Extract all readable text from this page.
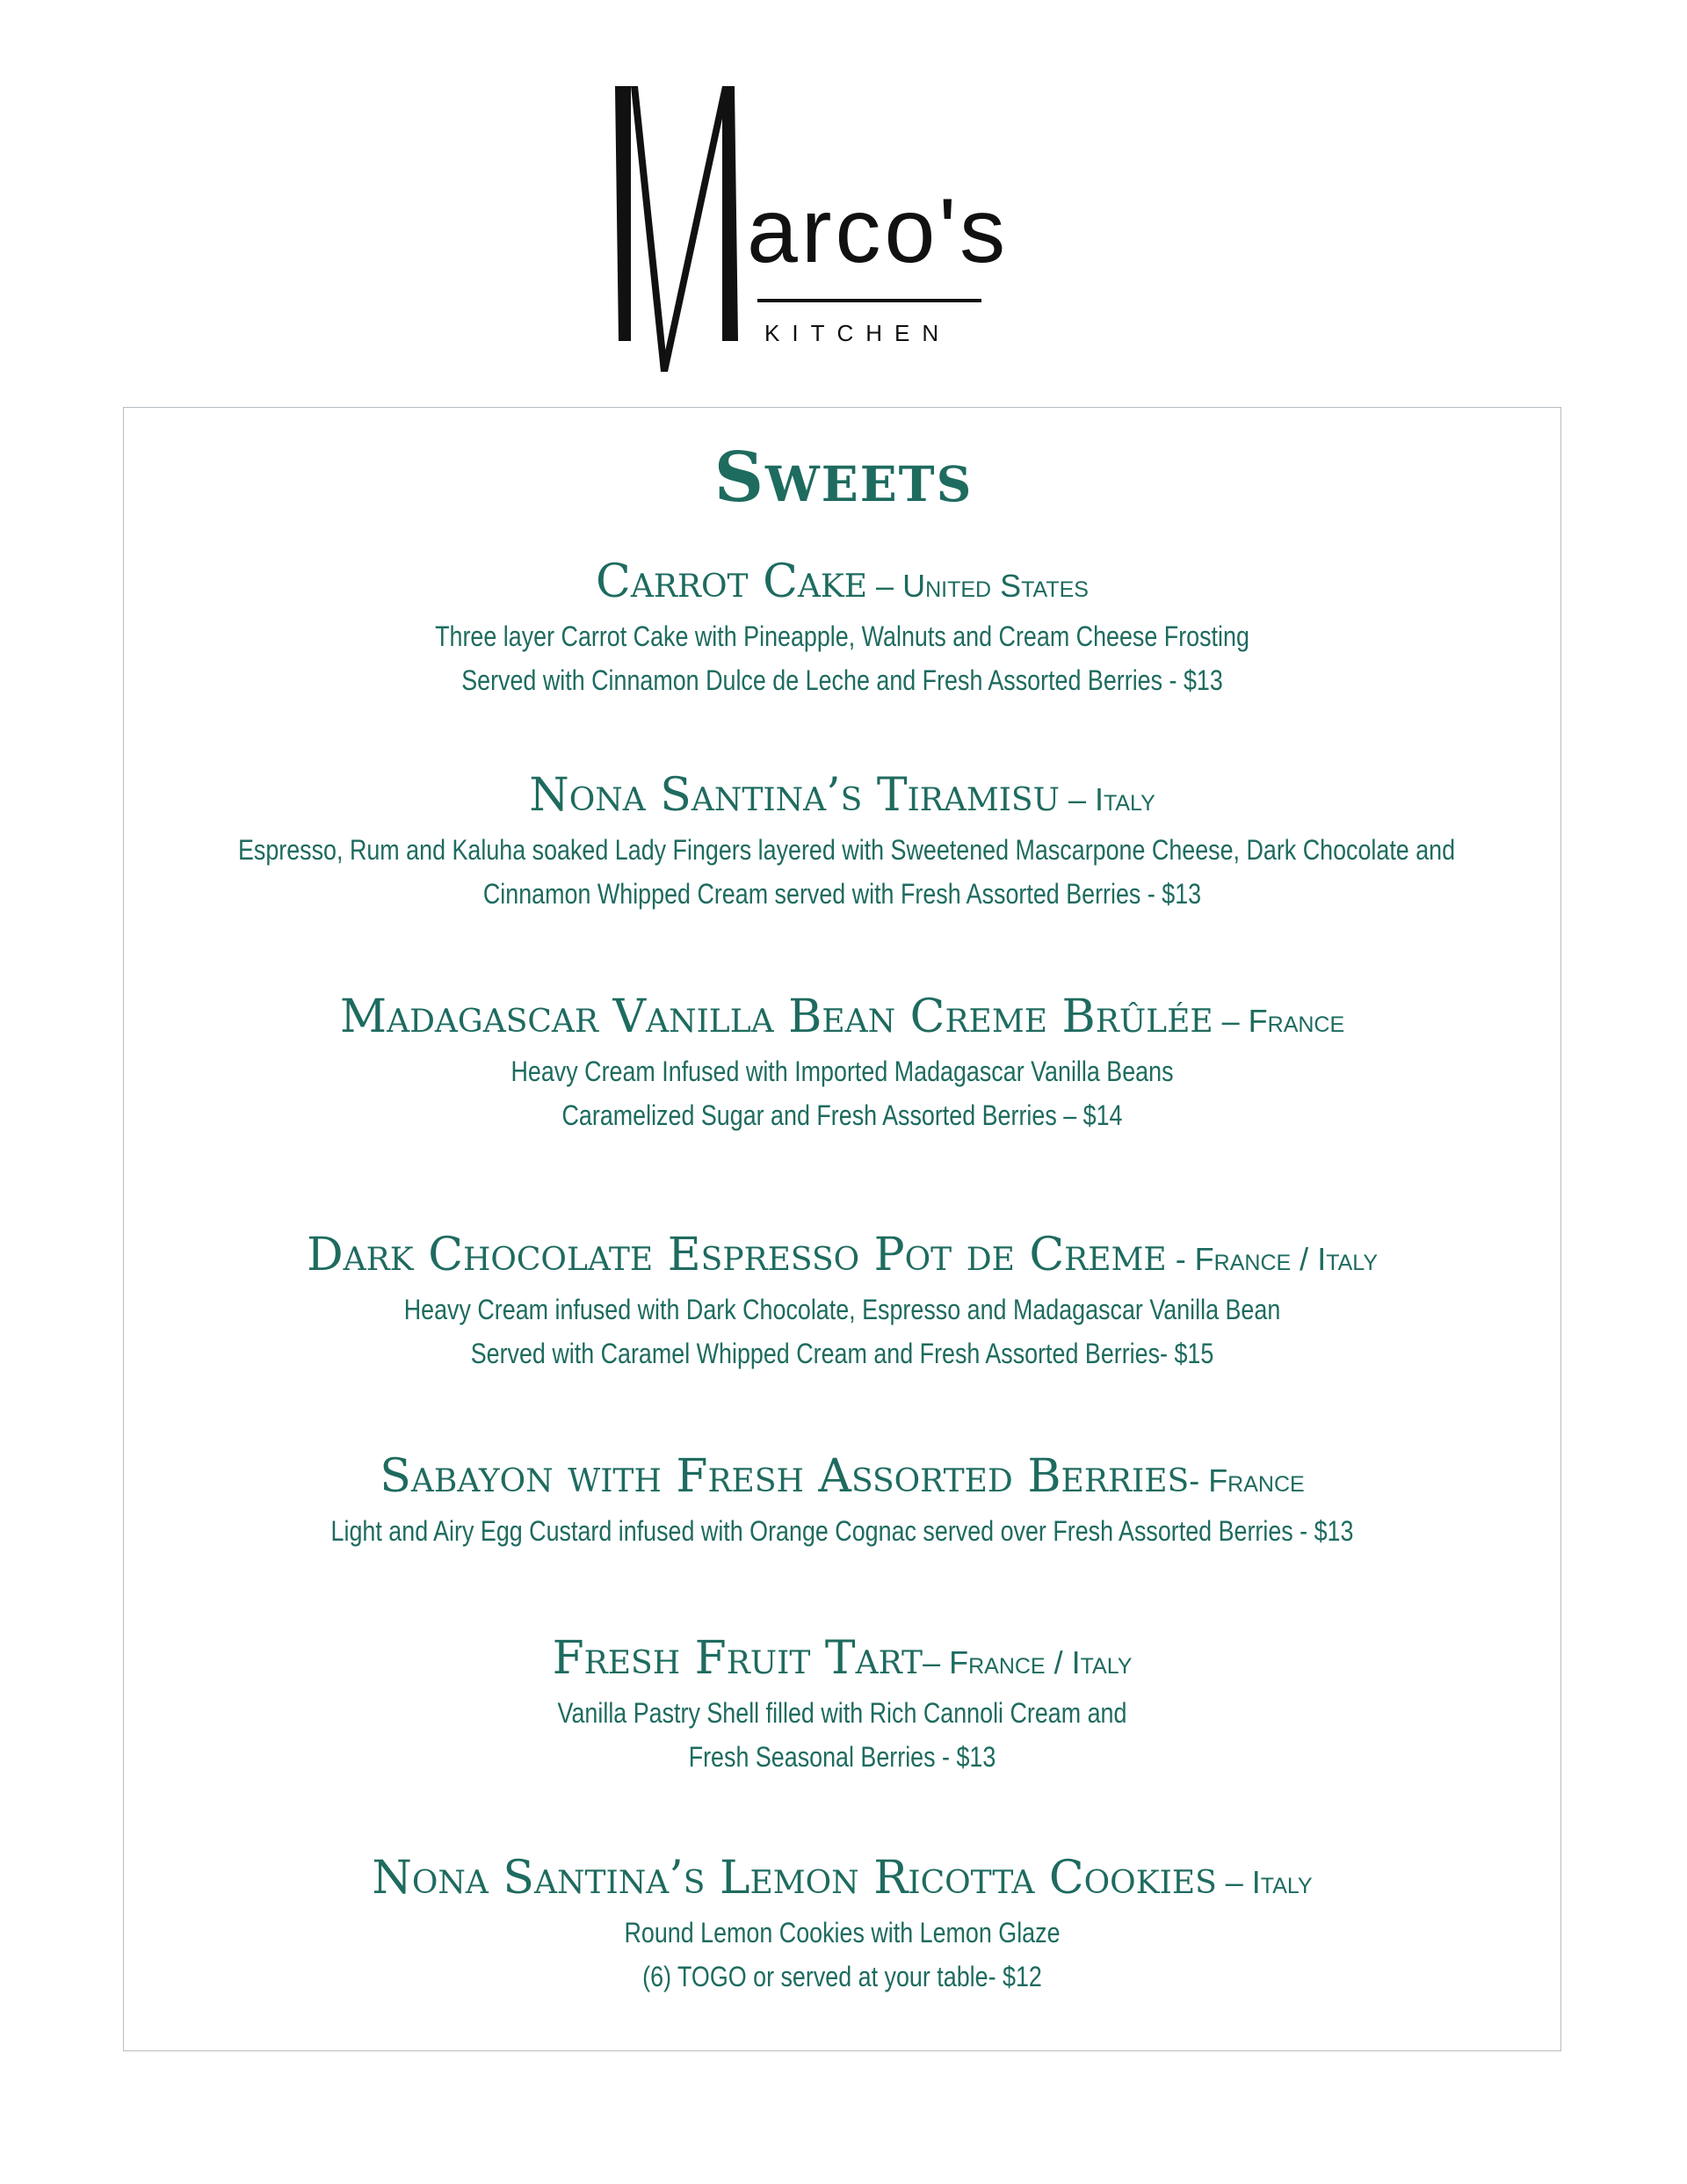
arco's
KITCHEN
Sweets
Carrot Cake – United States
Three layer Carrot Cake with Pineapple, Walnuts and Cream Cheese Frosting
Served with Cinnamon Dulce de Leche and Fresh Assorted Berries - $13
Nona Santina’s Tiramisu – Italy
Espresso, Rum and Kaluha soaked Lady Fingers layered with Sweetened Mascarpone Cheese, Dark Chocolate and
Cinnamon Whipped Cream served with Fresh Assorted Berries - $13
Madagascar Vanilla Bean Creme Brûlée – France
Heavy Cream Infused with Imported Madagascar Vanilla Beans
Caramelized Sugar and Fresh Assorted Berries – $14
Dark Chocolate Espresso Pot de Creme - France / Italy
Heavy Cream infused with Dark Chocolate, Espresso and Madagascar Vanilla Bean
Served with Caramel Whipped Cream and Fresh Assorted Berries- $15
Sabayon with Fresh Assorted Berries- France
Light and Airy Egg Custard infused with Orange Cognac served over Fresh Assorted Berries - $13
Fresh Fruit Tart– France / Italy
Vanilla Pastry Shell filled with Rich Cannoli Cream and
Fresh Seasonal Berries - $13
Nona Santina’s Lemon Ricotta Cookies – Italy
Round Lemon Cookies with Lemon Glaze
(6) TOGO or served at your table- $12
